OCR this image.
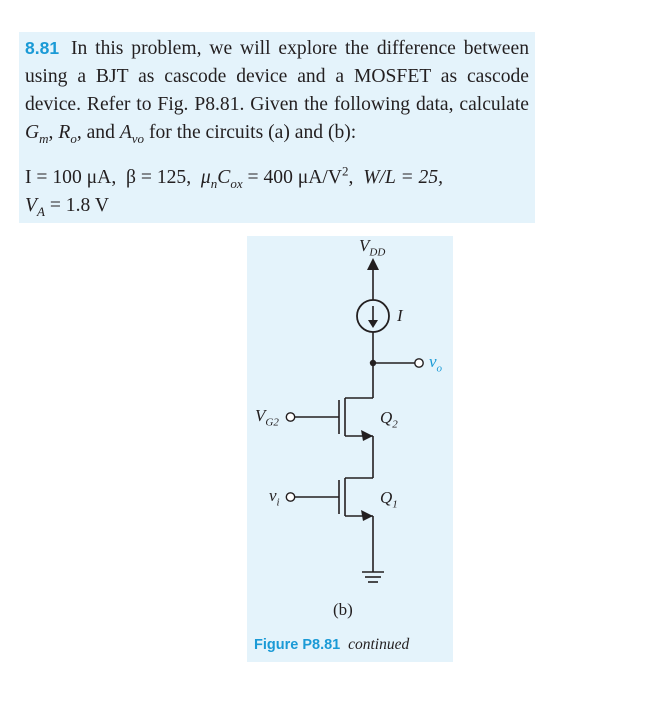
8.81 In this problem, we will explore the difference between using a BJT as cascode device and a MOSFET as cascode device. Refer to Fig. P8.81. Given the following data, calculate $G_m$, $R_o$, and $A_{vo}$ for the circuits (a) and (b):
I = 100 μA, β = 125, $\mu_nC_{ox} = 400$ $\mu A/V^2$,  W/L = 25,
$V_A = 1.8$ V
$V_{DD}$
I
$v_o$
$V_{G2}$	$Q_2$
$v_i$	$Q_1$
(b)
Figure P8.81 continued
